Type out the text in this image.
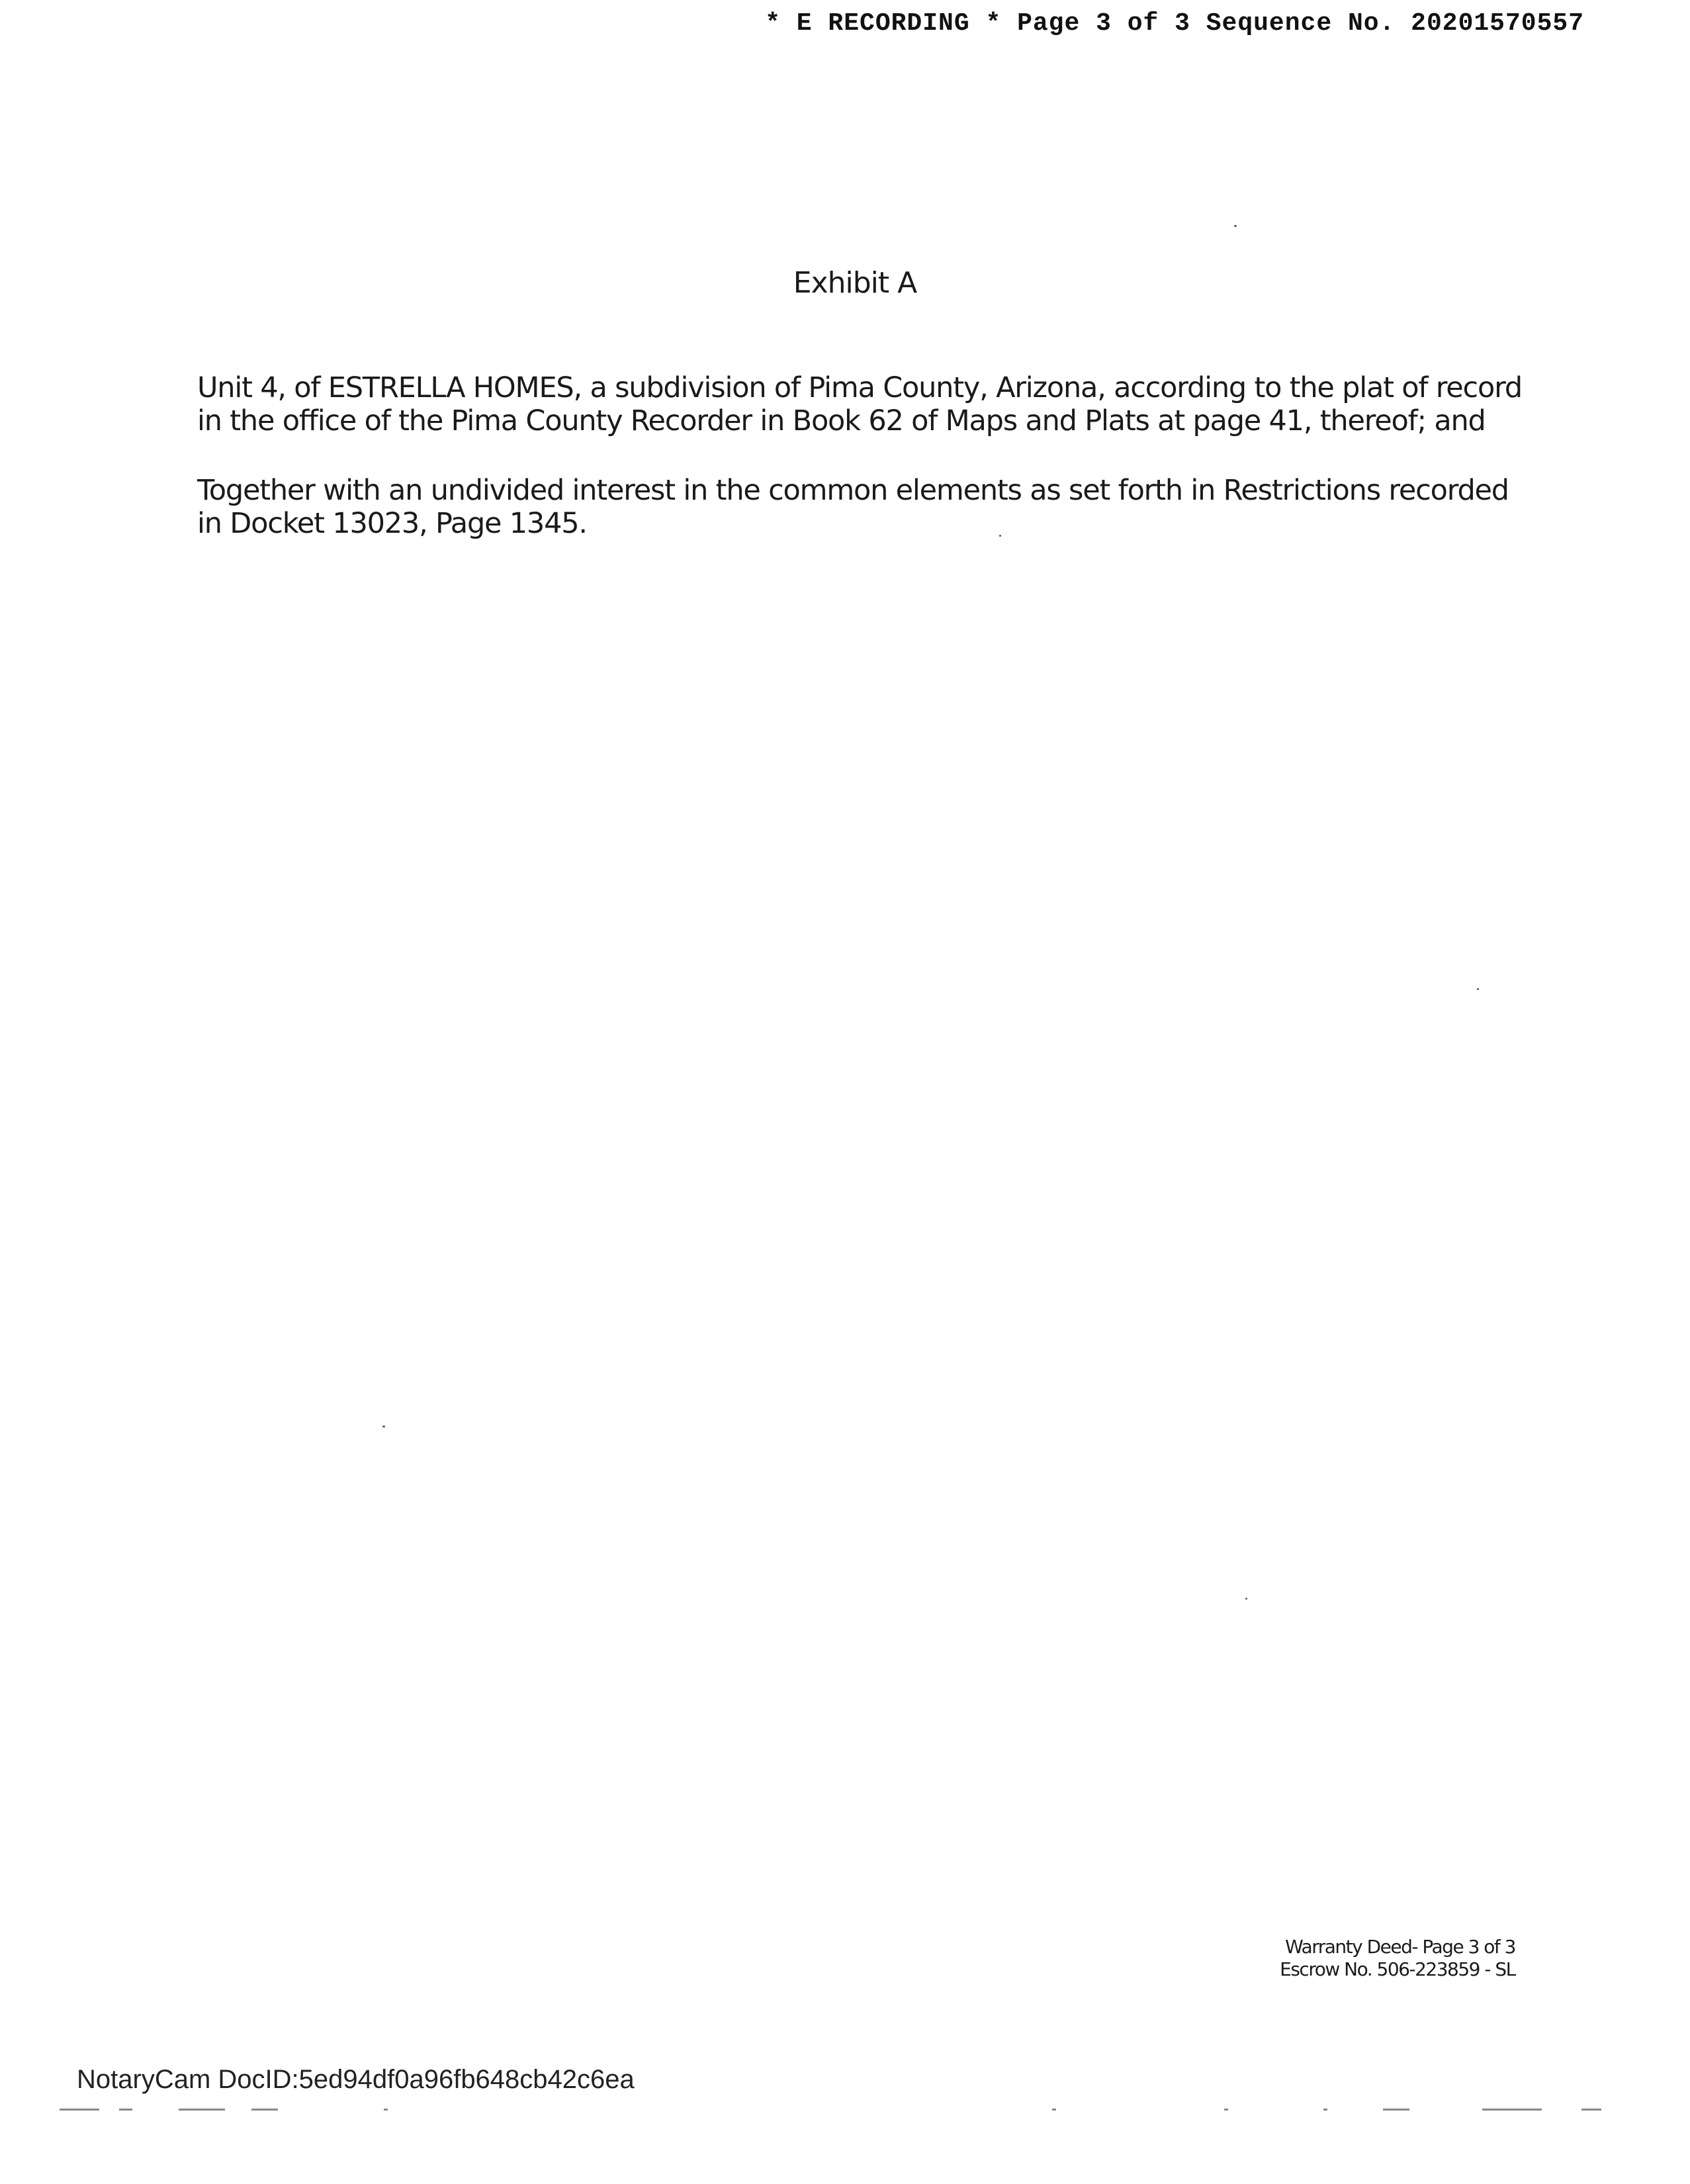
* E RECORDING * Page 3 of 3 Sequence No. 20201570557
Exhibit A
Unit 4, of ESTRELLA HOMES, a subdivision of Pima County, Arizona, according to the plat of record in the office of the Pima County Recorder in Book 62 of Maps and Plats at page 41, thereof; and
Together with an undivided interest in the common elements as set forth in Restrictions recorded in Docket 13023, Page 1345.
Warranty Deed- Page 3 of 3
Escrow No. 506-223859 - SL
NotaryCam DocID:5ed94df0a96fb648cb42c6ea
